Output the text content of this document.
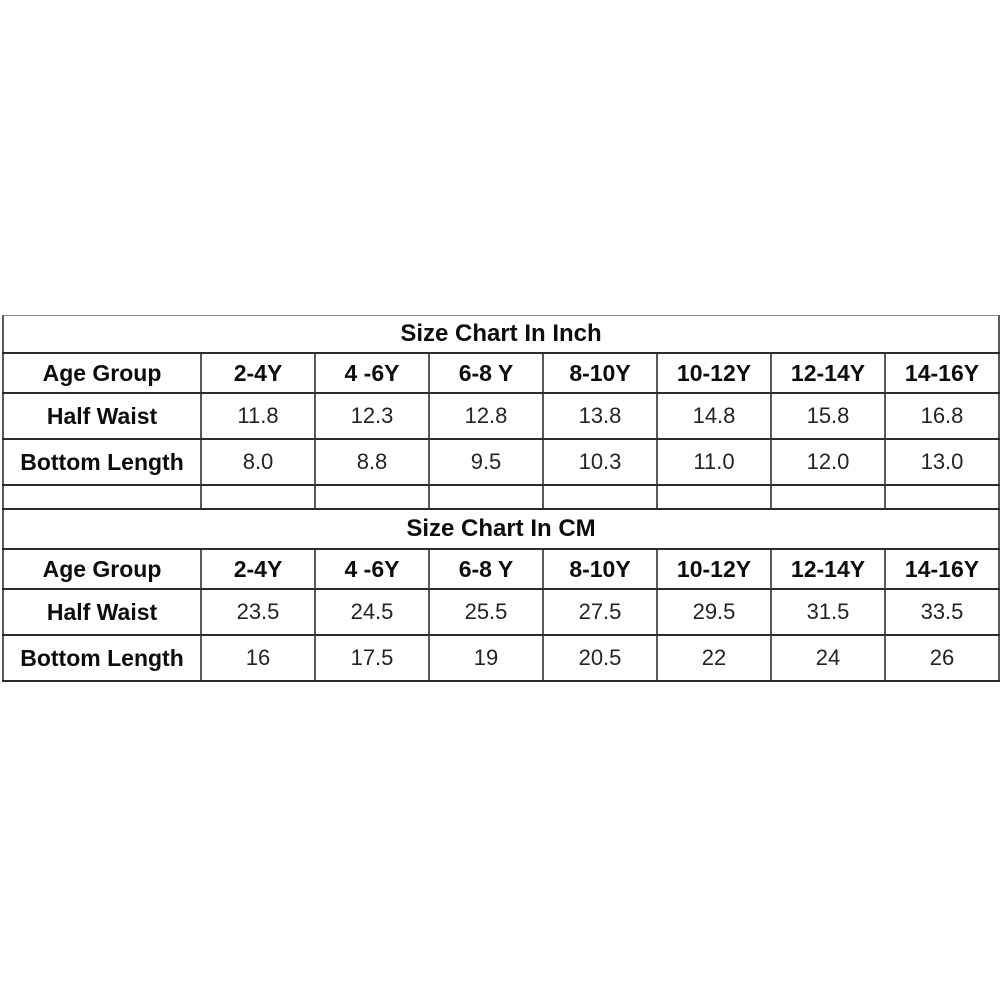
Size Chart In Inch							
Age Group	2-4Y	4 -6Y	6-8 Y	8-10Y	10-12Y	12-14Y	14-16Y
Half Waist	11.8	12.3	12.8	13.8	14.8	15.8	16.8
Bottom Length	8.0	8.8	9.5	10.3	11.0	12.0	13.0

Size Chart In CM							
Age Group	2-4Y	4 -6Y	6-8 Y	8-10Y	10-12Y	12-14Y	14-16Y
Half Waist	23.5	24.5	25.5	27.5	29.5	31.5	33.5
Bottom Length	16	17.5	19	20.5	22	24	26
